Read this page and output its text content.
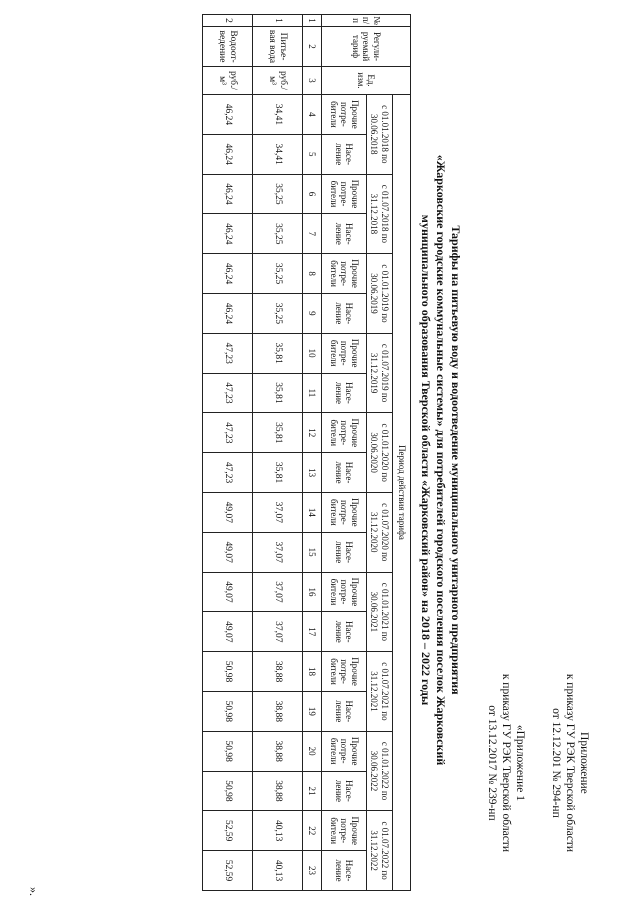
Приложение
к приказу ГУ РЭК Тверской области
от 12.12.201 № 294-нп
«Приложение 1
к приказу ГУ РЭК Тверской области
от 13.12.2017 № 239-нп
Тарифы на питьевую воду и водоотведение муниципального унитарного предприятия
«Жарковские городские коммунальные системы» для потребителей городского поселения поселок Жарковский
муниципального образования Тверской области «Жарковский район» на 2018 – 2022 годы
№ п/п	Регули-руемый тариф	Ед. изм.	Период действия тарифа																			
			с 01.01.2018 по 30.06.2018		с 01.07.2018 по 31.12.2018		с 01.01.2019 по 30.06.2019		с 01.07.2019 по 31.12.2019		с 01.01.2020 по 30.06.2020		с 01.07.2020 по 31.12.2020		с 01.01.2021 по 30.06.2021		с 01.07.2021 по 31.12.2021		с 01.01.2022 по 30.06.2022		с 01.07.2022 по 31.12.2022	
			Прочие потре-бители	Насе-ление	Прочие потре-бители	Насе-ление	Прочие потре-бители	Насе-ление	Прочие потре-бители	Насе-ление	Прочие потре-бители	Насе-ление	Прочие потре-бители	Насе-ление	Прочие потре-бители	Насе-ление	Прочие потре-бители	Насе-ление	Прочие потре-бители	Насе-ление	Прочие потре-бители	Насе-ление
1	2	3	4	5	6	7	8	9	10	11	12	13	14	15	16	17	18	19	20	21	22	23
1	Питье-вая вода	руб./м³	34,41	34,41	35,25	35,25	35,25	35,25	35,81	35,81	35,81	35,81	37,07	37,07	37,07	37,07	38,88	38,88	38,88	38,88	40,13	40,13
2	Водоот-ведение	руб./м³	46,24	46,24	46,24	46,24	46,24	46,24	47,23	47,23	47,23	47,23	49,07	49,07	49,07	49,07	50,98	50,98	50,98	50,98	52,59	52,59
».
